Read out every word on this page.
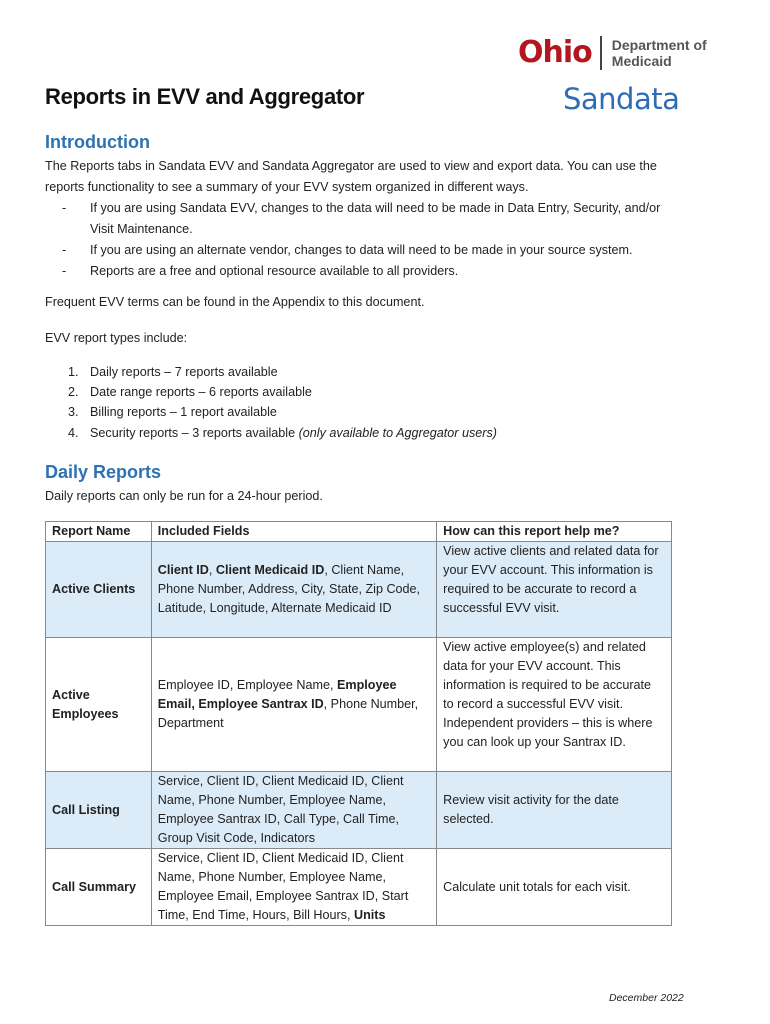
Ohio Department of
Medicaid
Sandata
Reports in EVV and Aggregator
Introduction
The Reports tabs in Sandata EVV and Sandata Aggregator are used to view and export data. You can use the
reports functionality to see a summary of your EVV system organized in different ways.
- If you are using Sandata EVV, changes to the data will need to be made in Data Entry, Security, and/or
Visit Maintenance.
- If you are using an alternate vendor, changes to data will need to be made in your source system.
- Reports are a free and optional resource available to all providers.
Frequent EVV terms can be found in the Appendix to this document.
EVV report types include:
1. Daily reports – 7 reports available
2. Date range reports – 6 reports available
3. Billing reports – 1 report available
4. Security reports – 3 reports available (only available to Aggregator users)
Daily Reports
Daily reports can only be run for a 24-hour period.
Report Name	Included Fields	How can this report help me?
Active Clients	Client ID, Client Medicaid ID, Client Name, Phone Number, Address, City, State, Zip Code, Latitude, Longitude, Alternate Medicaid ID	View active clients and related data for your EVV account. This information is required to be accurate to record a successful EVV visit.
Active Employees	Employee ID, Employee Name, Employee Email, Employee Santrax ID, Phone Number, Department	View active employee(s) and related data for your EVV account. This information is required to be accurate to record a successful EVV visit. Independent providers – this is where you can look up your Santrax ID.
Call Listing	Service, Client ID, Client Medicaid ID, Client Name, Phone Number, Employee Name, Employee Santrax ID, Call Type, Call Time, Group Visit Code, Indicators	Review visit activity for the date selected.
Call Summary	Service, Client ID, Client Medicaid ID, Client Name, Phone Number, Employee Name, Employee Email, Employee Santrax ID, Start Time, End Time, Hours, Bill Hours, Units	Calculate unit totals for each visit.
December 2022
